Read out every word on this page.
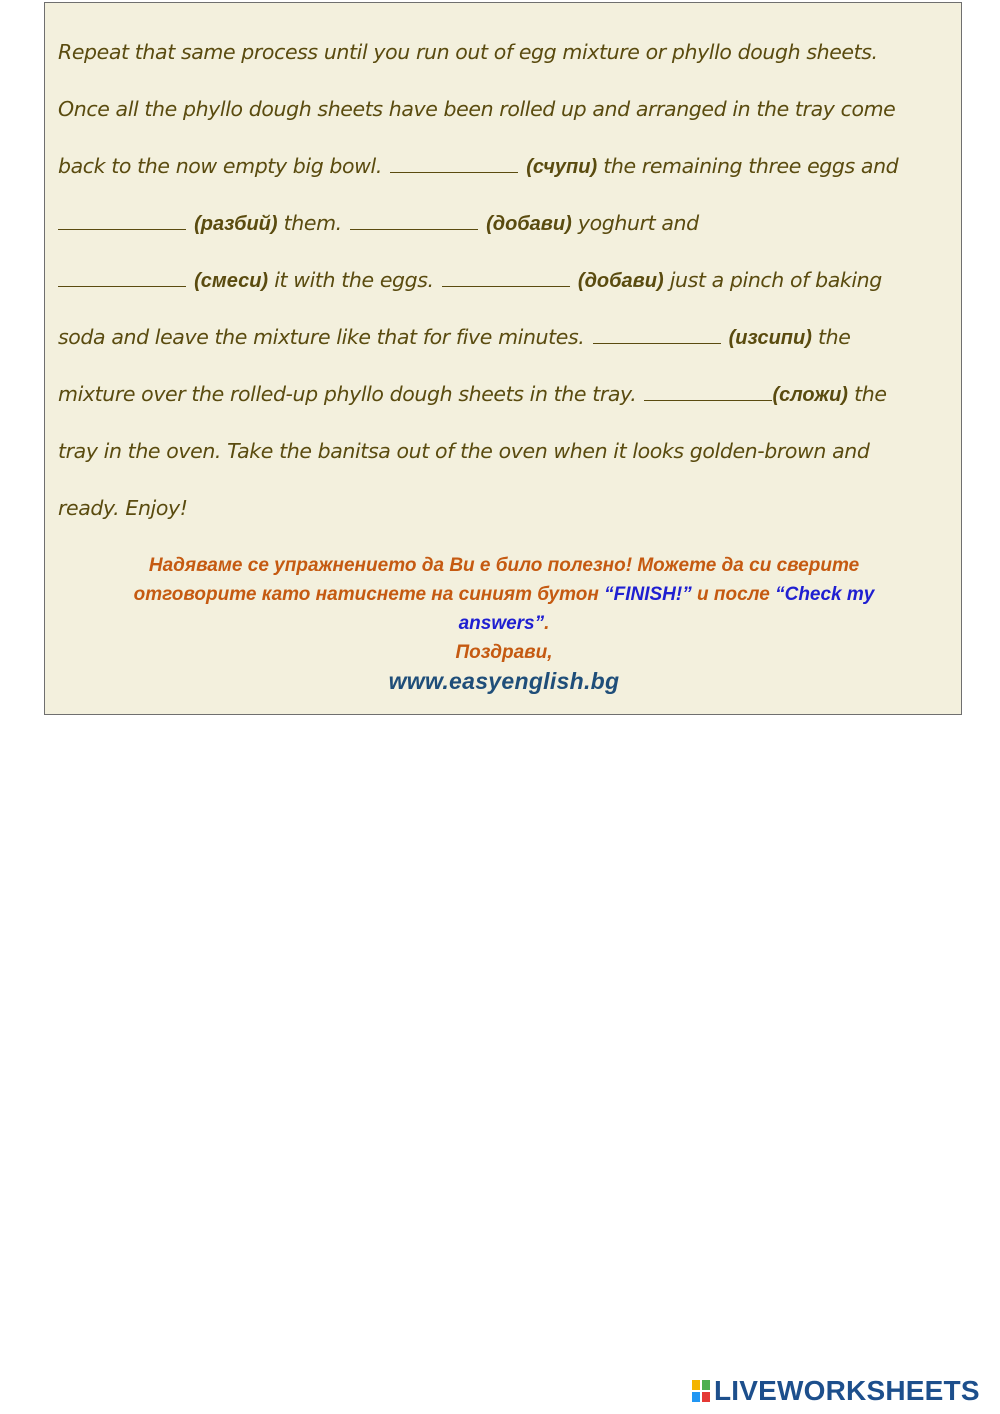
Repeat that same process until you run out of egg mixture or phyllo dough sheets.
Once all the phyllo dough sheets have been rolled up and arranged in the tray come
back to the now empty big bowl.	(счупи) the remaining three eggs and
(разбий) them.	(добави) yoghurt and
(смеси) it with the eggs.	(добави) just a pinch of baking
soda and leave the mixture like that for five minutes.	(изсипи) the
mixture over the rolled-up phyllo dough sheets in the tray.	(сложи) the
tray in the oven. Take the banitsa out of the oven when it looks golden-brown and
ready. Enjoy!
Надяваме се упражнението да Ви е било полезно! Можете да си сверите
отговорите като натиснете на синият бутон “FINISH!” и после “Check my
answers”.
Поздрави,
www.easyenglish.bg
LIVEWORKSHEETS
